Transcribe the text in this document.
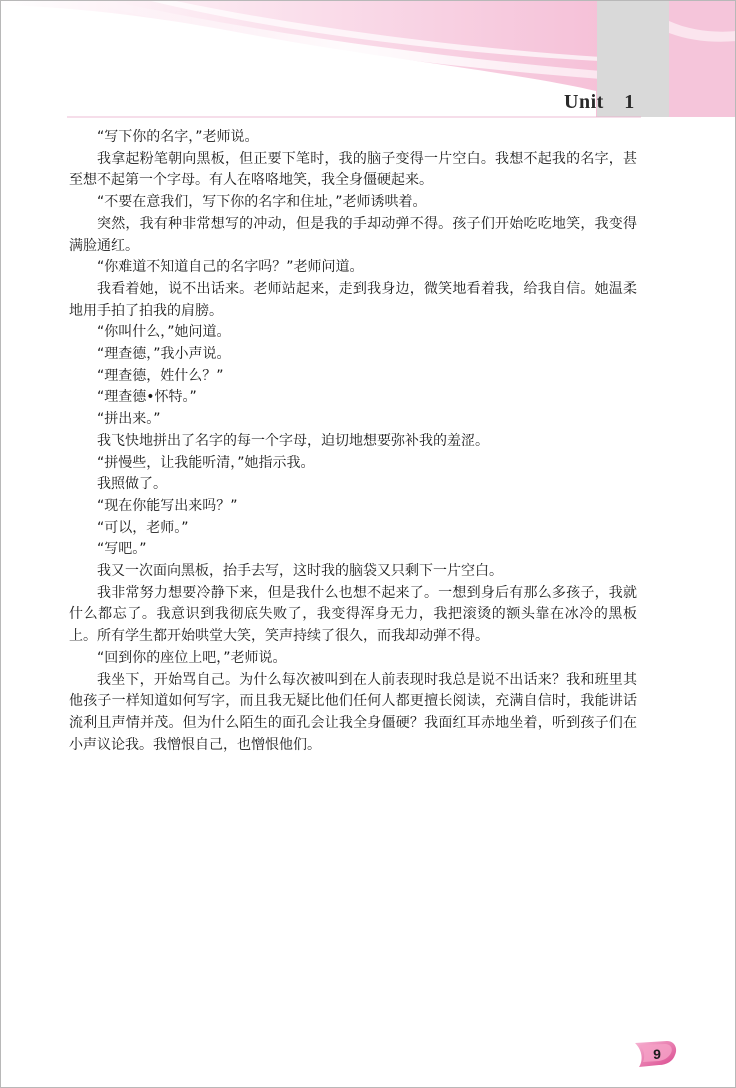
Unit　1

“写下你的名字，”老师说。

我拿起粉笔朝向黑板，但正要下笔时，我的脑子变得一片空白。我想不起我的名字，甚至想不起第一个字母。有人在咯咯地笑，我全身僵硬起来。

“不要在意我们，写下你的名字和住址，”老师诱哄着。

突然，我有种非常想写的冲动，但是我的手却动弹不得。孩子们开始吃吃地笑，我变得满脸通红。

“你难道不知道自己的名字吗？”老师问道。

我看着她，说不出话来。老师站起来，走到我身边，微笑地看着我，给我自信。她温柔地用手拍了拍我的肩膀。

“你叫什么，”她问道。

“理查德，”我小声说。

“理查德，姓什么？”

“理查德•怀特。”

“拼出来。”

我飞快地拼出了名字的每一个字母，迫切地想要弥补我的羞涩。

“拼慢些，让我能听清，”她指示我。

我照做了。

“现在你能写出来吗？”

“可以，老师。”

“写吧。”

我又一次面向黑板，抬手去写，这时我的脑袋又只剩下一片空白。

我非常努力想要冷静下来，但是我什么也想不起来了。一想到身后有那么多孩子，我就什么都忘了。我意识到我彻底失败了，我变得浑身无力，我把滚烫的额头靠在冰冷的黑板上。所有学生都开始哄堂大笑，笑声持续了很久，而我却动弹不得。

“回到你的座位上吧，”老师说。

我坐下，开始骂自己。为什么每次被叫到在人前表现时我总是说不出话来？我和班里其他孩子一样知道如何写字，而且我无疑比他们任何人都更擅长阅读，充满自信时，我能讲话流利且声情并茂。但为什么陌生的面孔会让我全身僵硬？我面红耳赤地坐着，听到孩子们在小声议论我。我憎恨自己，也憎恨他们。

9
